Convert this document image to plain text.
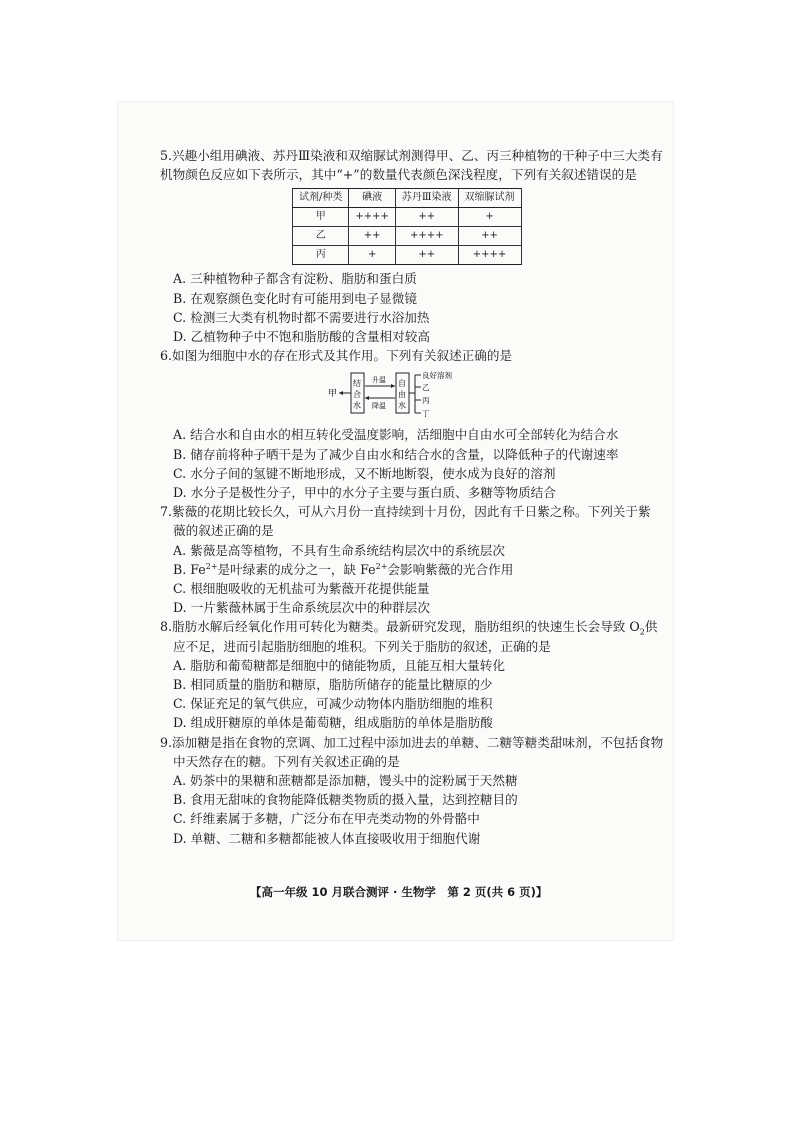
5.兴趣小组用碘液、苏丹Ⅲ染液和双缩脲试剂测得甲、乙、丙三种植物的干种子中三大类有
机物颜色反应如下表所示，其中“+”的数量代表颜色深浅程度，下列有关叙述错误的是
试剂/种类	碘液	苏丹Ⅲ染液	双缩脲试剂
甲	++++	++	+
乙	++	++++	++
丙	+	++	++++
A. 三种植物种子都含有淀粉、脂肪和蛋白质
B. 在观察颜色变化时有可能用到电子显微镜
C. 检测三大类有机物时都不需要进行水浴加热
D. 乙植物种子中不饱和脂肪酸的含量相对较高
6.如图为细胞中水的存在形式及其作用。下列有关叙述正确的是
甲
结
合
水
升温
降温
自
由
水
良好溶剂
乙
丙
丁
A. 结合水和自由水的相互转化受温度影响，活细胞中自由水可全部转化为结合水
B. 储存前将种子晒干是为了减少自由水和结合水的含量，以降低种子的代谢速率
C. 水分子间的氢键不断地形成，又不断地断裂，使水成为良好的溶剂
D. 水分子是极性分子，甲中的水分子主要与蛋白质、多糖等物质结合
7.紫薇的花期比较长久，可从六月份一直持续到十月份，因此有千日紫之称。下列关于紫
薇的叙述正确的是
A. 紫薇是高等植物，不具有生命系统结构层次中的系统层次
B. $Fe^{2+}$是叶绿素的成分之一，缺 $Fe^{2+}$会影响紫薇的光合作用
C. 根细胞吸收的无机盐可为紫薇开花提供能量
D. 一片紫薇林属于生命系统层次中的种群层次
8.脂肪水解后经氧化作用可转化为糖类。最新研究发现，脂肪组织的快速生长会导致 $O_2$供
应不足，进而引起脂肪细胞的堆积。下列关于脂肪的叙述，正确的是
A. 脂肪和葡萄糖都是细胞中的储能物质，且能互相大量转化
B. 相同质量的脂肪和糖原，脂肪所储存的能量比糖原的少
C. 保证充足的氧气供应，可减少动物体内脂肪细胞的堆积
D. 组成肝糖原的单体是葡萄糖，组成脂肪的单体是脂肪酸
9.添加糖是指在食物的烹调、加工过程中添加进去的单糖、二糖等糖类甜味剂，不包括食物
中天然存在的糖。下列有关叙述正确的是
A. 奶茶中的果糖和蔗糖都是添加糖，馒头中的淀粉属于天然糖
B. 食用无甜味的食物能降低糖类物质的摄入量，达到控糖目的
C. 纤维素属于多糖，广泛分布在甲壳类动物的外骨骼中
D. 单糖、二糖和多糖都能被人体直接吸收用于细胞代谢
【高一年级 10 月联合测评 · 生物学　第 2 页(共 6 页)】
